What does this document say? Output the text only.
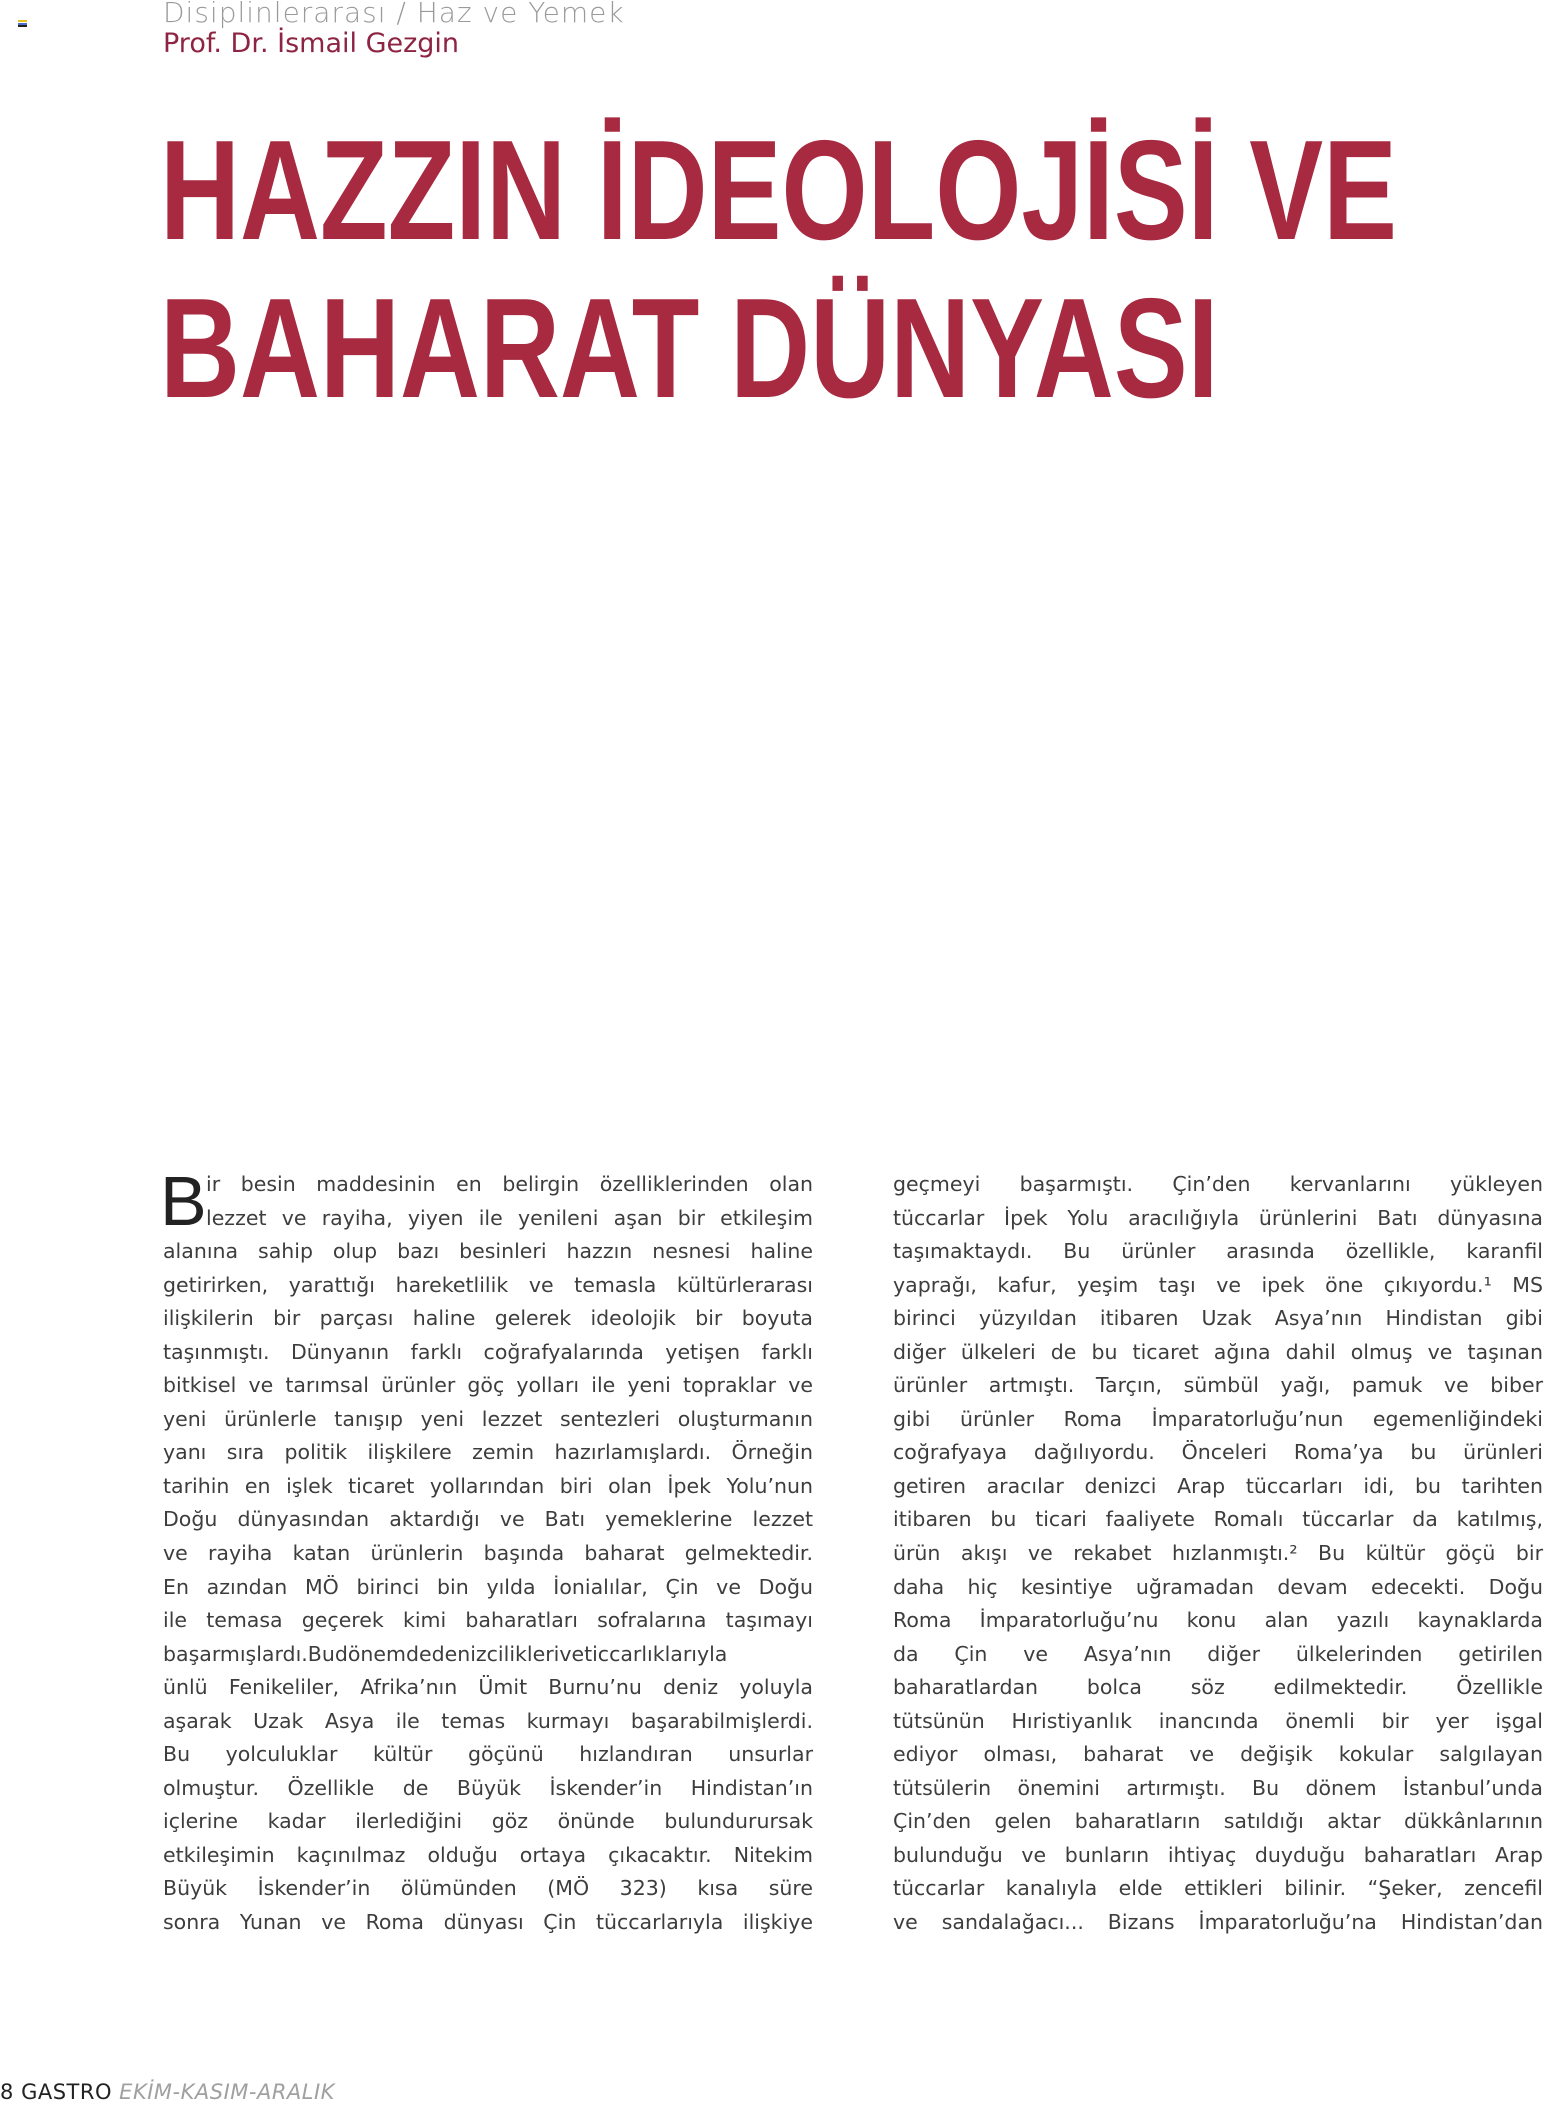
Disiplinlerarası / Haz ve Yemek
Prof. Dr. İsmail Gezgin
HAZZIN İDEOLOJİSİ VE
BAHARAT DÜNYASI
B ir besin maddesinin en belirgin özelliklerinden olan
lezzet ve rayiha, yiyen ile yenileni aşan bir etkileşim
alanına sahip olup bazı besinleri hazzın nesnesi haline
getirirken, yarattığı hareketlilik ve temasla kültürlerarası
ilişkilerin bir parçası haline gelerek ideolojik bir boyuta
taşınmıştı. Dünyanın farklı coğrafyalarında yetişen farklı
bitkisel ve tarımsal ürünler göç yolları ile yeni topraklar ve
yeni ürünlerle tanışıp yeni lezzet sentezleri oluşturmanın
yanı sıra politik ilişkilere zemin hazırlamışlardı. Örneğin
tarihin en işlek ticaret yollarından biri olan İpek Yolu’nun
Doğu dünyasından aktardığı ve Batı yemeklerine lezzet
ve rayiha katan ürünlerin başında baharat gelmektedir.
En azından MÖ birinci bin yılda İonialılar, Çin ve Doğu
ile temasa geçerek kimi baharatları sofralarına taşımayı
başarmışlardı.Budönemdedenizcilikleriveticcarlıklarıyla
ünlü Fenikeliler, Afrika’nın Ümit Burnu’nu deniz yoluyla
aşarak Uzak Asya ile temas kurmayı başarabilmişlerdi.
Bu yolculuklar kültür göçünü hızlandıran unsurlar
olmuştur. Özellikle de Büyük İskender’in Hindistan’ın
içlerine kadar ilerlediğini göz önünde bulundurursak
etkileşimin kaçınılmaz olduğu ortaya çıkacaktır. Nitekim
Büyük İskender’in ölümünden (MÖ 323) kısa süre
sonra Yunan ve Roma dünyası Çin tüccarlarıyla ilişkiye
geçmeyi başarmıştı. Çin’den kervanlarını yükleyen
tüccarlar İpek Yolu aracılığıyla ürünlerini Batı dünyasına
taşımaktaydı. Bu ürünler arasında özellikle, karanfil
yaprağı, kafur, yeşim taşı ve ipek öne çıkıyordu.¹ MS
birinci yüzyıldan itibaren Uzak Asya’nın Hindistan gibi
diğer ülkeleri de bu ticaret ağına dahil olmuş ve taşınan
ürünler artmıştı. Tarçın, sümbül yağı, pamuk ve biber
gibi ürünler Roma İmparatorluğu’nun egemenliğindeki
coğrafyaya dağılıyordu. Önceleri Roma’ya bu ürünleri
getiren aracılar denizci Arap tüccarları idi, bu tarihten
itibaren bu ticari faaliyete Romalı tüccarlar da katılmış,
ürün akışı ve rekabet hızlanmıştı.² Bu kültür göçü bir
daha hiç kesintiye uğramadan devam edecekti. Doğu
Roma İmparatorluğu’nu konu alan yazılı kaynaklarda
da Çin ve Asya’nın diğer ülkelerinden getirilen
baharatlardan bolca söz edilmektedir. Özellikle
tütsünün Hıristiyanlık inancında önemli bir yer işgal
ediyor olması, baharat ve değişik kokular salgılayan
tütsülerin önemini artırmıştı. Bu dönem İstanbul’unda
Çin’den gelen baharatların satıldığı aktar dükkânlarının
bulunduğu ve bunların ihtiyaç duyduğu baharatları Arap
tüccarlar kanalıyla elde ettikleri bilinir. “Şeker, zencefil
ve sandalağacı... Bizans İmparatorluğu’na Hindistan’dan
8 GASTRO EKİM-KASIM-ARALIK
